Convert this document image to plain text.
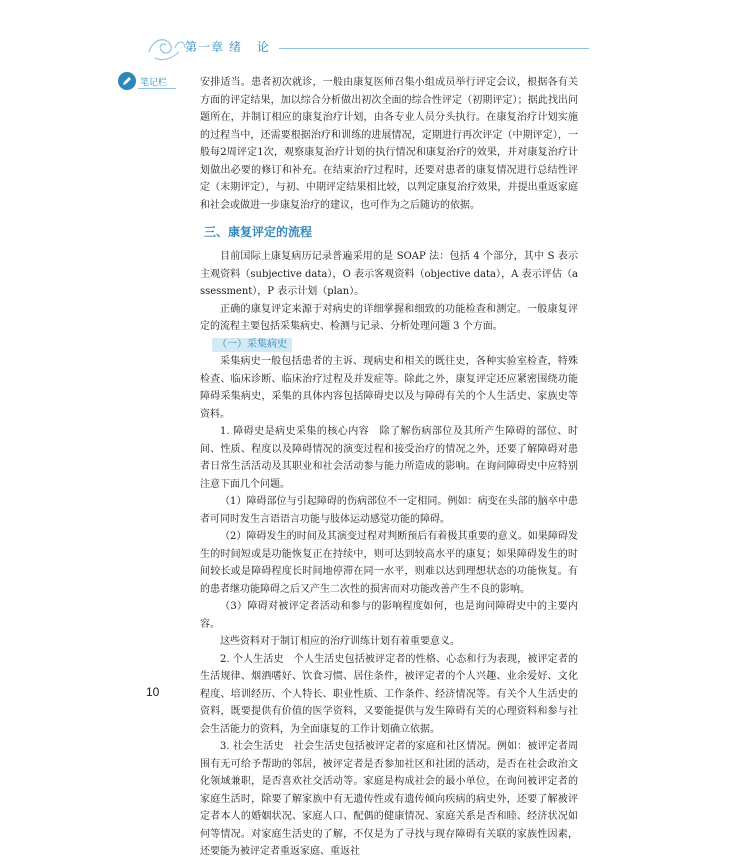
第一章 绪 论
笔记栏	安排适当。患者初次就诊，一般由康复医师召集小组成员举行评定会议，根据各有关方面的评定结果，加以综合分析做出初次全面的综合性评定（初期评定）；据此找出问题所在，并制订相应的康复治疗计划，由各专业人员分头执行。在康复治疗计划实施的过程当中，还需要根据治疗和训练的进展情况，定期进行再次评定（中期评定），一般每2周评定1次，观察康复治疗计划的执行情况和康复治疗的效果，并对康复治疗计划做出必要的修订和补充。在结束治疗过程时，还要对患者的康复情况进行总结性评定（末期评定），与初、中期评定结果相比较，以判定康复治疗效果，并提出重返家庭和社会或做进一步康复治疗的建议，也可作为之后随访的依据。

三、康复评定的流程

目前国际上康复病历记录普遍采用的是 SOAP 法：包括 4 个部分，其中 S 表示主观资料（subjective data），O 表示客观资料（objective data），A 表示评估（assessment），P 表示计划（plan）。

正确的康复评定来源于对病史的详细掌握和细致的功能检查和测定。一般康复评定的流程主要包括采集病史、检测与记录、分析处理问题 3 个方面。

（一）采集病史

采集病史一般包括患者的主诉、现病史和相关的既往史，各种实验室检查，特殊检查、临床诊断、临床治疗过程及并发症等。除此之外，康复评定还应紧密围绕功能障碍采集病史，采集的具体内容包括障碍史以及与障碍有关的个人生活史、家族史等资料。

1. 障碍史是病史采集的核心内容　除了解伤病部位及其所产生障碍的部位、时间、性质、程度以及障碍情况的演变过程和接受治疗的情况之外，还要了解障碍对患者日常生活活动及其职业和社会活动参与能力所造成的影响。在询问障碍史中应特别注意下面几个问题。

（1）障碍部位与引起障碍的伤病部位不一定相同。例如：病变在头部的脑卒中患者可同时发生言语语言功能与肢体运动感觉功能的障碍。

（2）障碍发生的时间及其演变过程对判断预后有着极其重要的意义。如果障碍发生的时间短或是功能恢复正在持续中，则可达到较高水平的康复；如果障碍发生的时间较长或是障碍程度长时间地停滞在同一水平，则难以达到理想状态的功能恢复。有的患者继功能障碍之后又产生二次性的损害而对功能改善产生不良的影响。

（3）障碍对被评定者活动和参与的影响程度如何，也是询问障碍史中的主要内容。

这些资料对于制订相应的治疗训练计划有着重要意义。

2. 个人生活史　个人生活史包括被评定者的性格、心态和行为表现，被评定者的生活规律、烟酒嗜好、饮食习惯、居住条件，被评定者的个人兴趣、业余爱好、文化程度、培训经历、个人特长、职业性质、工作条件、经济情况等。有关个人生活史的资料，既要提供有价值的医学资料，又要能提供与发生障碍有关的心理资料和参与社会生活能力的资料，为全面康复的工作计划确立依据。

3. 社会生活史　社会生活史包括被评定者的家庭和社区情况。例如：被评定者周围有无可给予帮助的邻居，被评定者是否参加社区和社团的活动，是否在社会政治文化领域兼职，是否喜欢社交活动等。家庭是构成社会的最小单位，在询问被评定者的家庭生活时，除要了解家族中有无遗传性或有遗传倾向疾病的病史外，还要了解被评定者本人的婚姻状况、家庭人口、配偶的健康情况、家庭关系是否和睦、经济状况如何等情况。对家庭生活史的了解，不仅是为了寻找与现存障碍有关联的家族性因素，还要能为被评定者重返家庭、重返社

10
